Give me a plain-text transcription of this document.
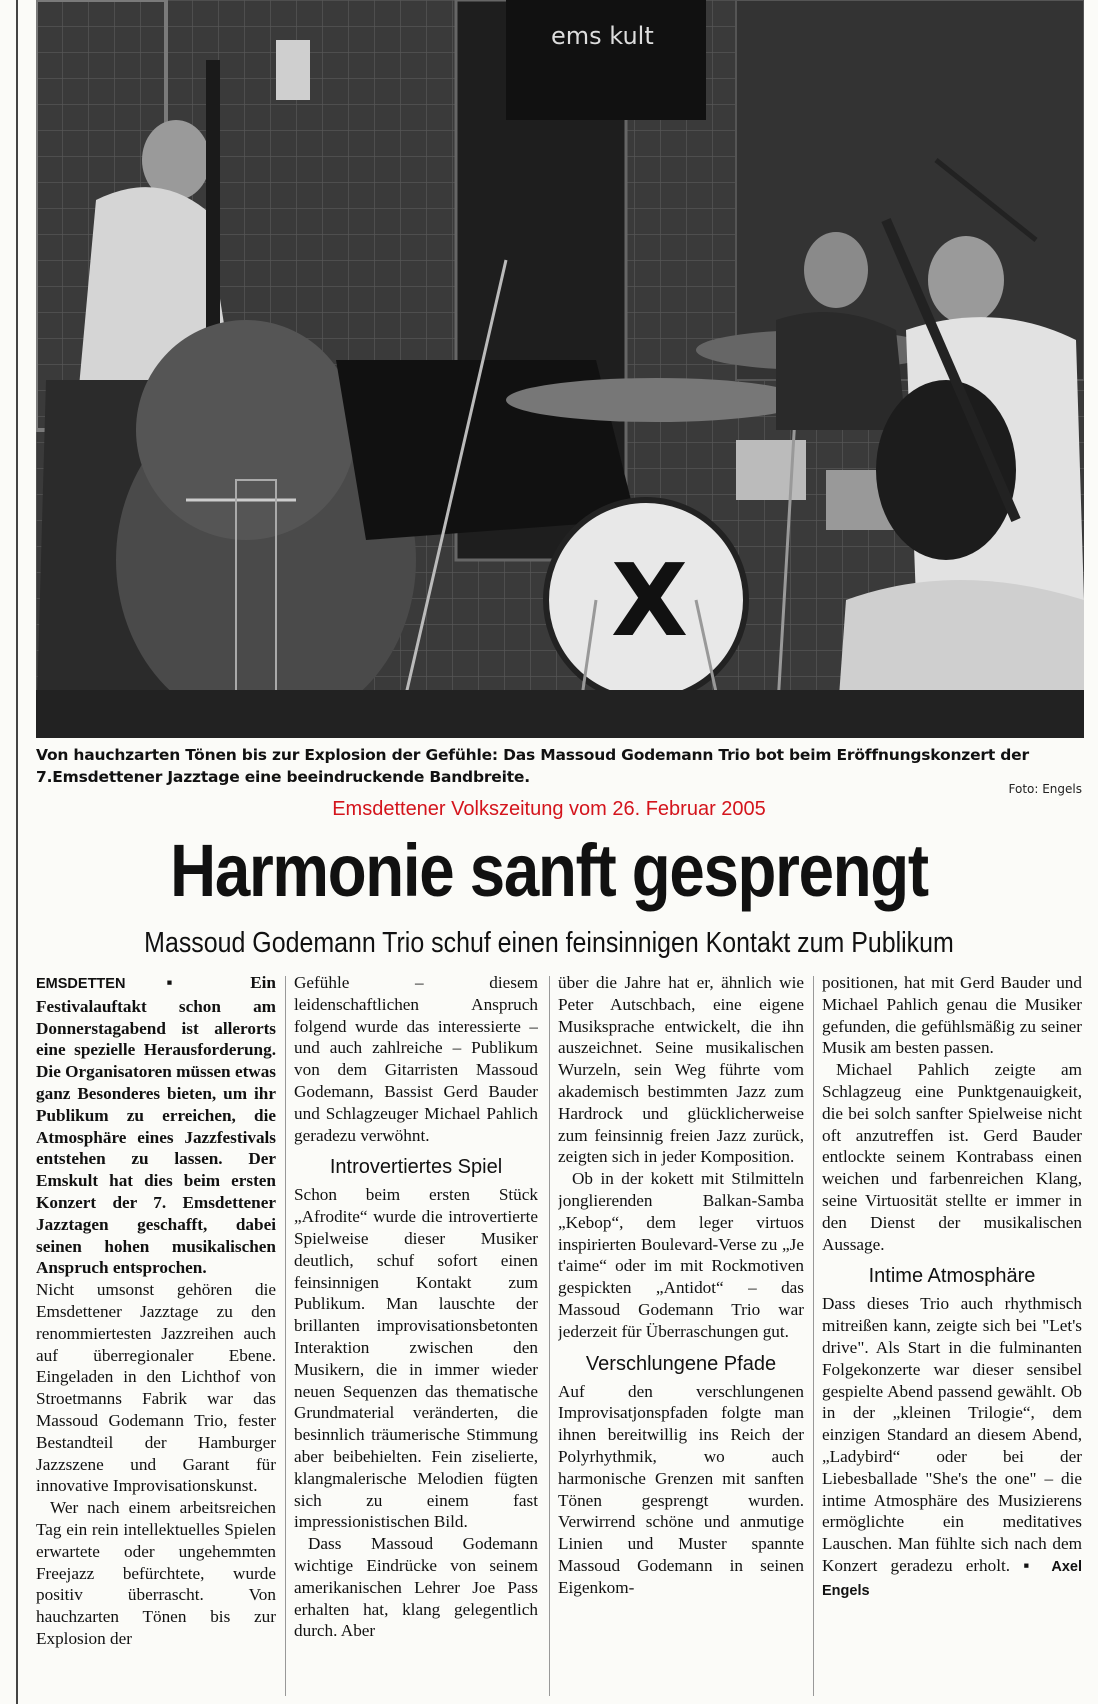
ems kult
X
Von hauchzarten Tönen bis zur Explosion der Gefühle: Das Massoud Godemann Trio bot beim Eröffnungskonzert der 7.Emsdettener Jazztage eine beeindruckende Bandbreite.
Foto: Engels
Emsdettener Volkszeitung vom 26. Februar 2005
Harmonie sanft gesprengt
Massoud Godemann Trio schuf einen feinsinnigen Kontakt zum Publikum

EMSDETTEN ▪ Ein Festivalauftakt schon am Donnerstagabend ist allerorts eine spezielle Herausforderung. Die Organisatoren müssen etwas ganz Besonderes bieten, um ihr Publikum zu erreichen, die Atmosphäre eines Jazzfestivals entstehen zu lassen. Der Emskult hat dies beim ersten Konzert der 7. Emsdettener Jazztagen geschafft, dabei seinen hohen musikalischen Anspruch entsprochen.

Nicht umsonst gehören die Emsdettener Jazztage zu den renommiertesten Jazzreihen auch auf überregionaler Ebene. Eingeladen in den Lichthof von Stroetmanns Fabrik war das Massoud Godemann Trio, fester Bestandteil der Hamburger Jazzszene und Garant für innovative Improvisationskunst.

Wer nach einem arbeitsreichen Tag ein rein intellektuelles Spielen erwartete oder ungehemmten Freejazz befürchtete, wurde positiv überrascht. Von hauchzarten Tönen bis zur Explosion der

Gefühle – diesem leidenschaftlichen Anspruch folgend wurde das interessierte – und auch zahlreiche – Publikum von dem Gitarristen Massoud Godemann, Bassist Gerd Bauder und Schlagzeuger Michael Pahlich geradezu verwöhnt.

Introvertiertes Spiel

Schon beim ersten Stück „Afrodite“ wurde die introvertierte Spielweise dieser Musiker deutlich, schuf sofort einen feinsinnigen Kontakt zum Publikum. Man lauschte der brillanten improvisationsbetonten Interaktion zwischen den Musikern, die in immer wieder neuen Sequenzen das thematische Grundmaterial veränderten, die besinnlich träumerische Stimmung aber beibehielten. Fein ziselierte, klangmalerische Melodien fügten sich zu einem fast impressionistischen Bild.

Dass Massoud Godemann wichtige Eindrücke von seinem amerikanischen Lehrer Joe Pass erhalten hat, klang gelegentlich durch. Aber

über die Jahre hat er, ähnlich wie Peter Autschbach, eine eigene Musiksprache entwickelt, die ihn auszeichnet. Seine musikalischen Wurzeln, sein Weg führte vom akademisch bestimmten Jazz zum Hardrock und glücklicherweise zum feinsinnig freien Jazz zurück, zeigten sich in jeder Komposition.

Ob in der kokett mit Stilmitteln jonglierenden Balkan-Samba „Kebop“, dem leger virtuos inspirierten Boulevard-Verse zu „Je t'aime“ oder im mit Rockmotiven gespickten „Antidot“ – das Massoud Godemann Trio war jederzeit für Überraschungen gut.

Verschlungene Pfade

Auf den verschlungenen Improvisatjonspfaden folgte man ihnen bereitwillig ins Reich der Polyrhythmik, wo auch harmonische Grenzen mit sanften Tönen gesprengt wurden. Verwirrend schöne und anmutige Linien und Muster spannte Massoud Godemann in seinen Eigenkom-

positionen, hat mit Gerd Bauder und Michael Pahlich genau die Musiker gefunden, die gefühlsmäßig zu seiner Musik am besten passen.

Michael Pahlich zeigte am Schlagzeug eine Punktgenauigkeit, die bei solch sanfter Spielweise nicht oft anzutreffen ist. Gerd Bauder entlockte seinem Kontrabass einen weichen und farbenreichen Klang, seine Virtuosität stellte er immer in den Dienst der musikalischen Aussage.

Intime Atmosphäre

Dass dieses Trio auch rhythmisch mitreißen kann, zeigte sich bei "Let's drive". Als Start in die fulminanten Folgekonzerte war dieser sensibel gespielte Abend passend gewählt. Ob in der „kleinen Trilogie“, dem einzigen Standard an diesem Abend, „Ladybird“ oder bei der Liebesballade "She's the one" – die intime Atmosphäre des Musizierens ermöglichte ein meditatives Lauschen. Man fühlte sich nach dem Konzert geradezu erholt. ▪ Axel Engels
